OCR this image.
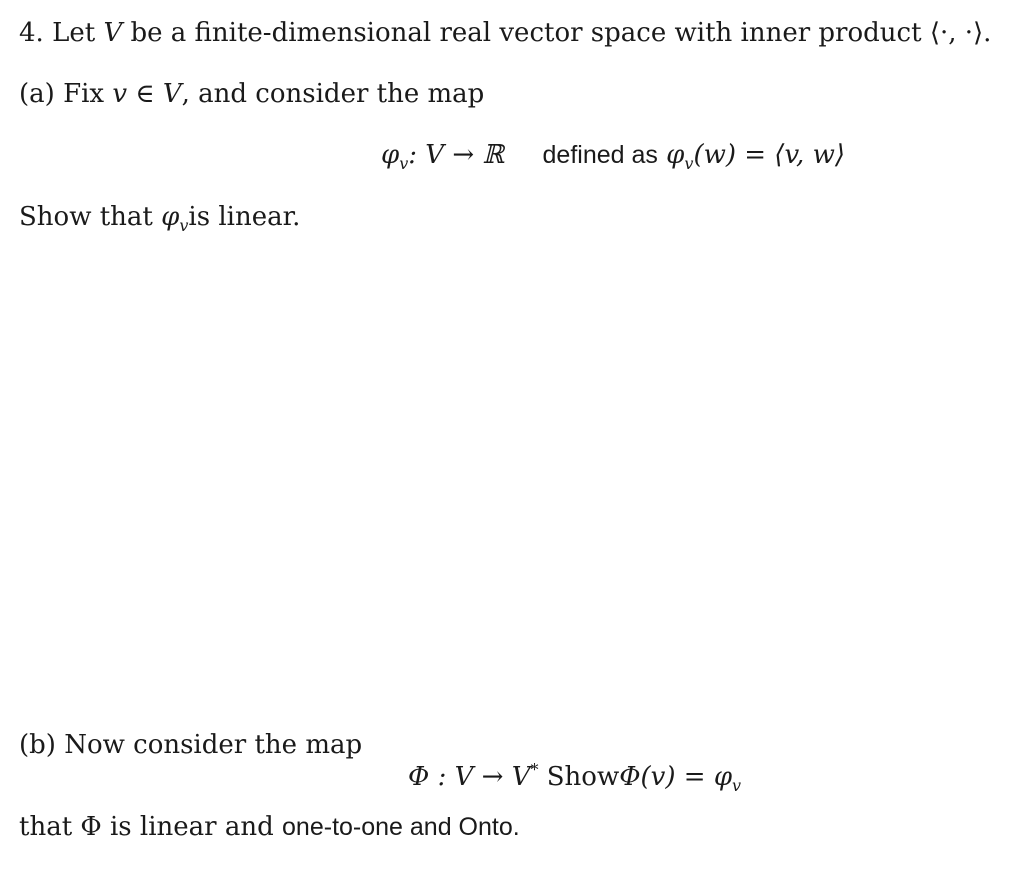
4. Let V be a finite-dimensional real vector space with inner product ⟨·, ·⟩.
(a) Fix v ∈ V, and consider the map
$\varphi_v$: V → ℝ defined as $\varphi_v(w)$ = ⟨v, w⟩
Show that $\varphi_vis$ linear.
(b) Now consider the map
Φ : V → V* ShowΦ(v) = $\varphi_v$
that Φ is linear and one-to-one and Onto.
